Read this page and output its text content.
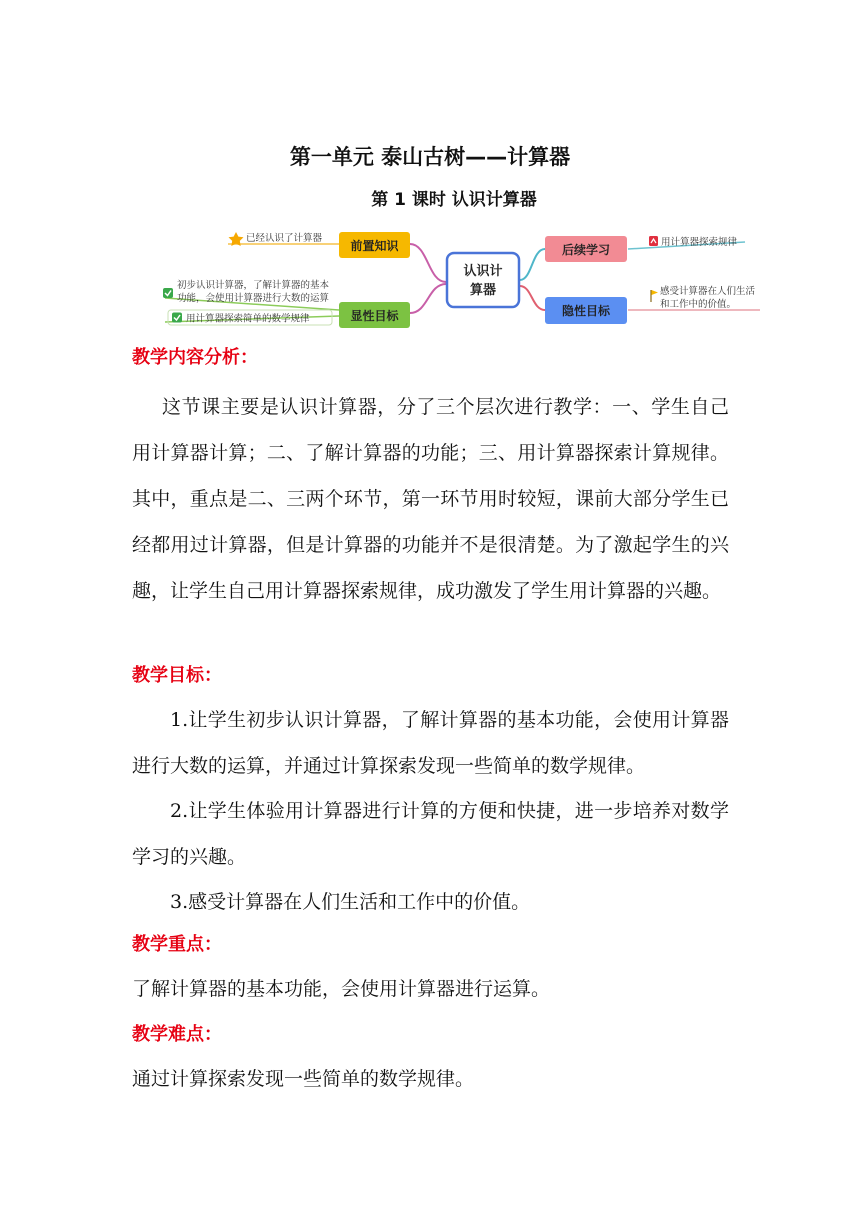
第一单元 泰山古树——计算器
第 1 课时 认识计算器
认识计
算器
前置知识
显性目标
后续学习
隐性目标
已经认识了计算器
初步认识计算器，了解计算器的基本
功能，会使用计算器进行大数的运算
用计算器探索简单的数学规律
用计算器探索规律
感受计算器在人们生活
和工作中的价值。
教学内容分析：

这节课主要是认识计算器，分了三个层次进行教学：一、学生自己用计算器计算；二、了解计算器的功能；三、用计算器探索计算规律。其中，重点是二、三两个环节，第一环节用时较短，课前大部分学生已经都用过计算器，但是计算器的功能并不是很清楚。为了激起学生的兴趣，让学生自己用计算器探索规律，成功激发了学生用计算器的兴趣。

教学目标：

1.让学生初步认识计算器，了解计算器的基本功能，会使用计算器进行大数的运算，并通过计算探索发现一些简单的数学规律。

2.让学生体验用计算器进行计算的方便和快捷，进一步培养对数学学习的兴趣。

3.感受计算器在人们生活和工作中的价值。

教学重点：

了解计算器的基本功能，会使用计算器进行运算。

教学难点：

通过计算探索发现一些简单的数学规律。
